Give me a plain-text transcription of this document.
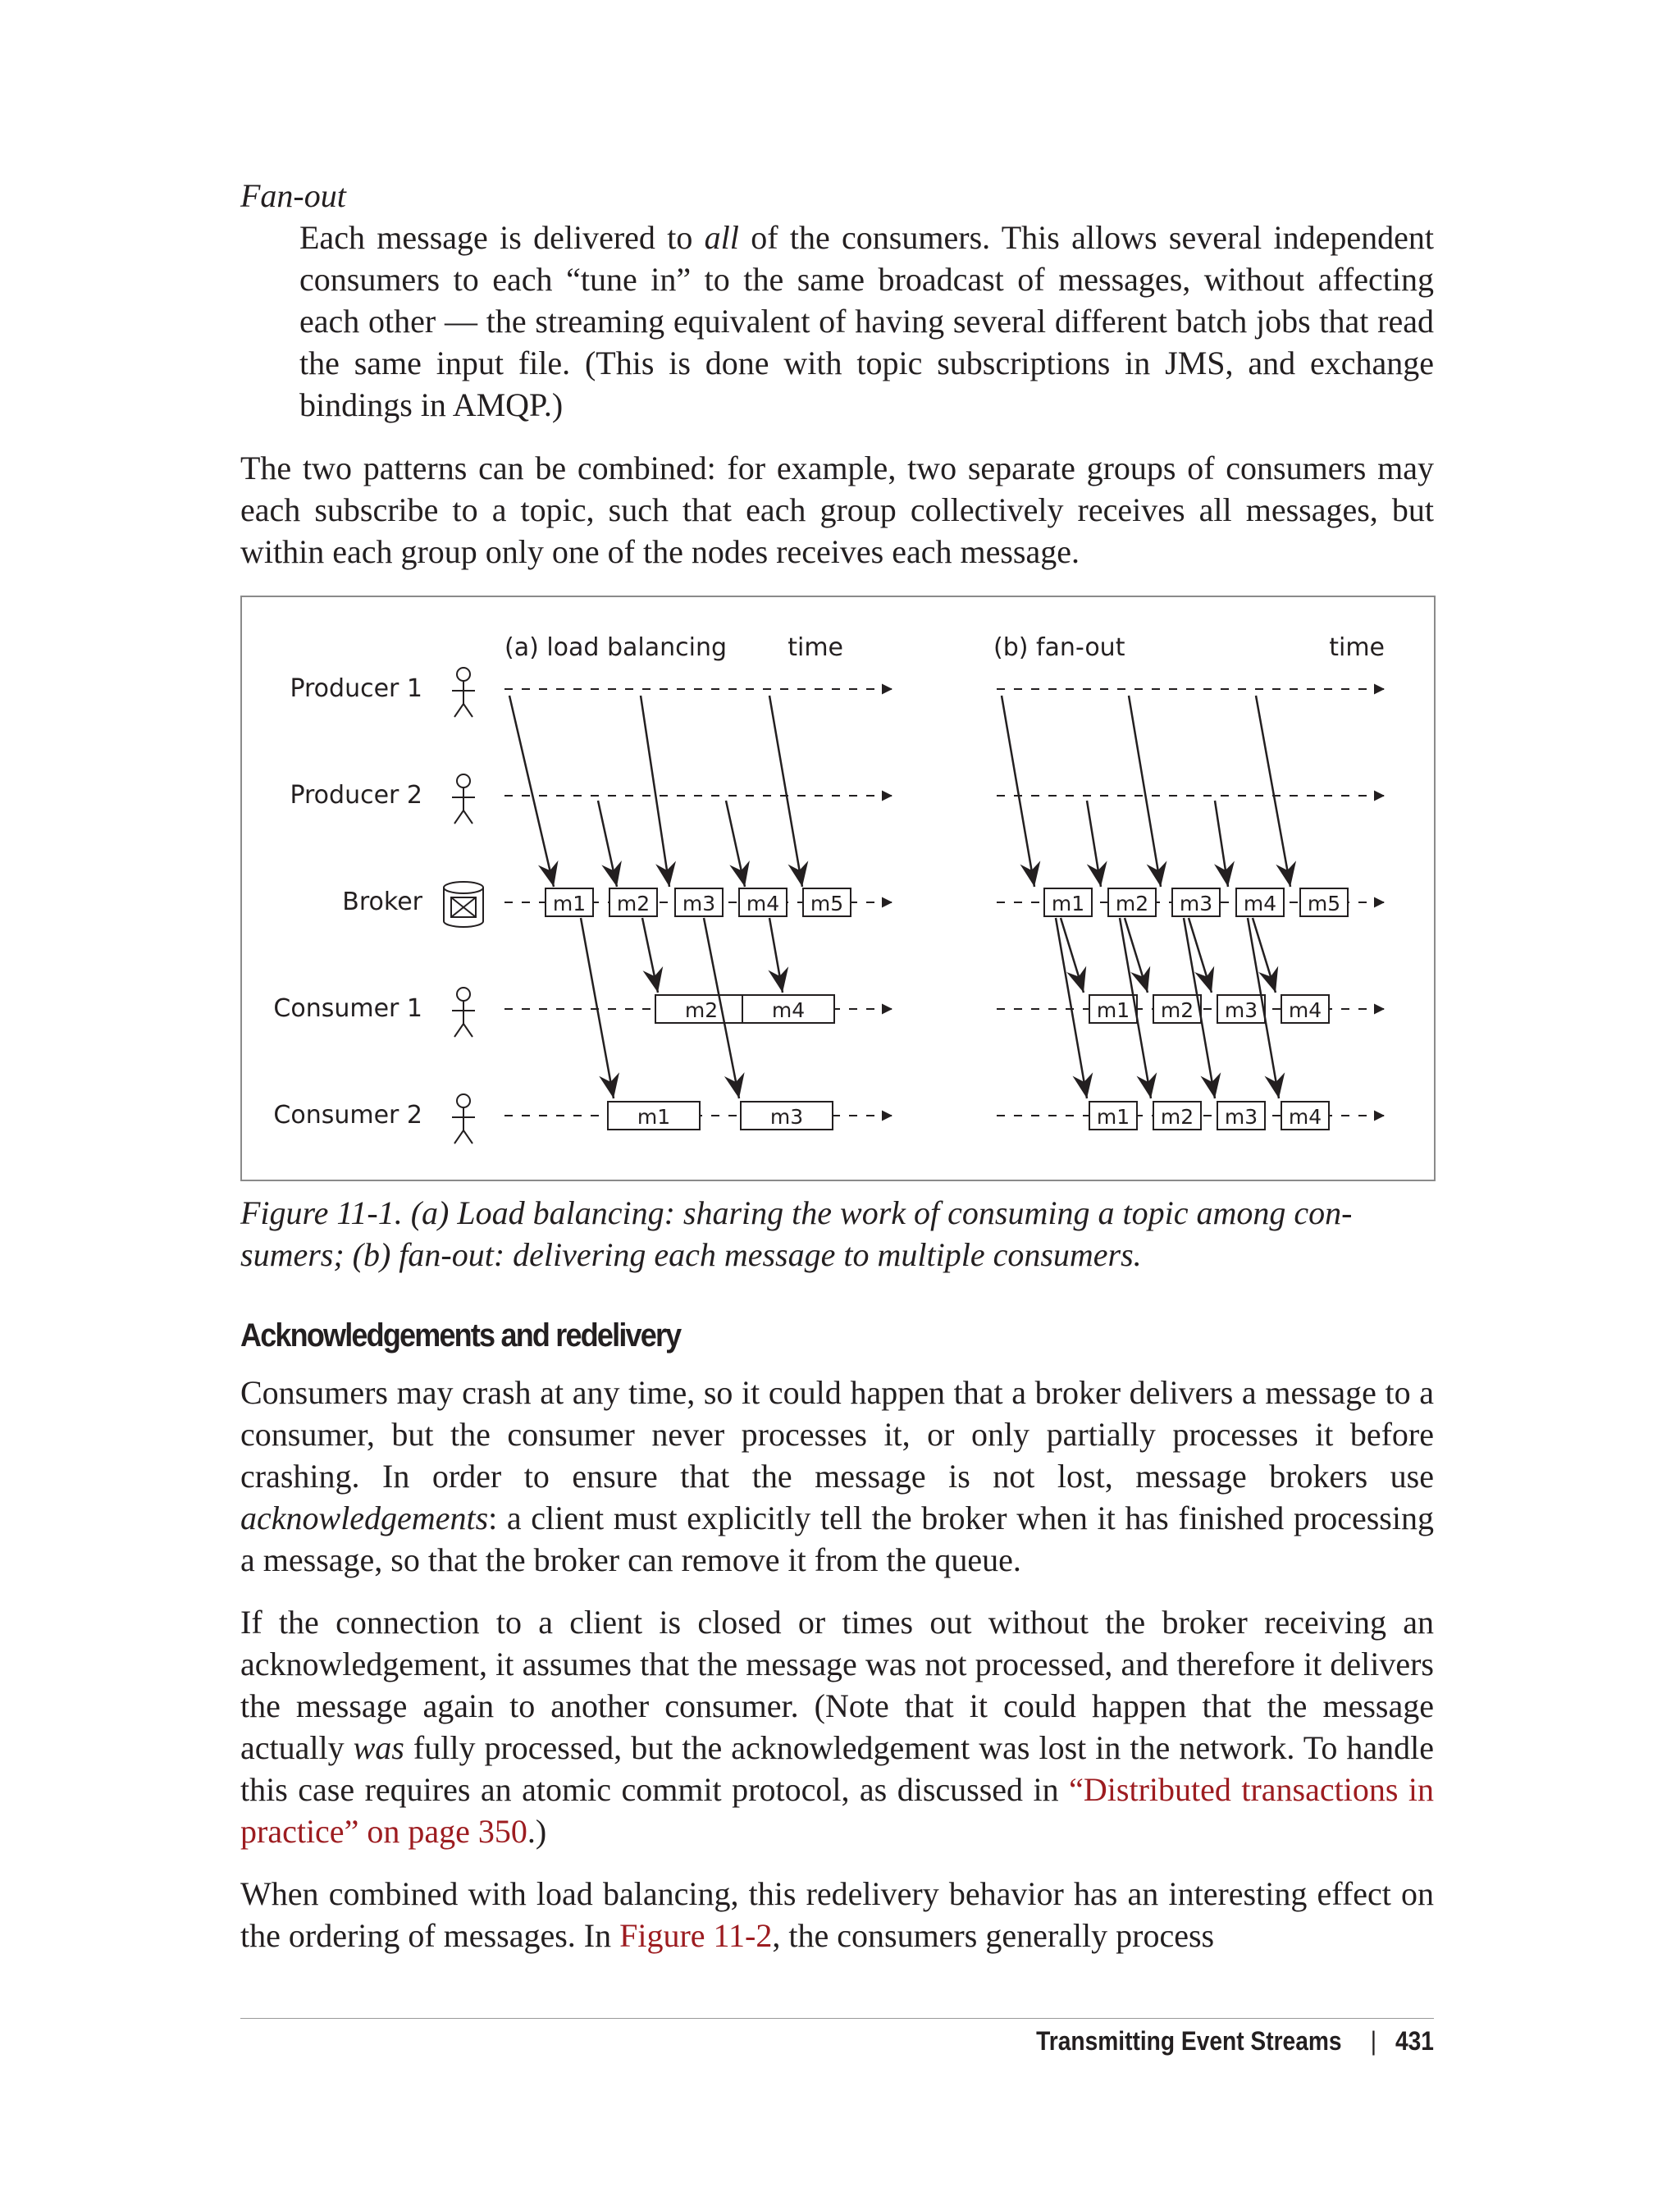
Fan-out

Each message is delivered to all of the consumers. This allows several independent consumers to each “tune in” to the same broadcast of messages, without affecting each other — the streaming equivalent of having several different batch jobs that read the same input file. (This is done with topic subscriptions in JMS, and exchange bindings in AMQP.)

The two patterns can be combined: for example, two separate groups of consumers may each subscribe to a topic, such that each group collectively receives all messages, but within each group only one of the nodes receives each message.

(a) load balancing time	(b) fan-out	time
Producer 1
Producer 2
Broker
Consumer 1
Consumer 2
m1 m2 m3 m4 m5
m2	m4
m1	m3
m1 m2 m3 m4 m5
m1 m2 m3 m4
m1 m2 m3 m4

Figure 11-1. (a) Load balancing: sharing the work of consuming a topic among consumers; (b) fan-out: delivering each message to multiple consumers.

Acknowledgements and redelivery

Consumers may crash at any time, so it could happen that a broker delivers a message to a consumer, but the consumer never processes it, or only partially processes it before crashing. In order to ensure that the message is not lost, message brokers use acknowledgements: a client must explicitly tell the broker when it has finished processing a message, so that the broker can remove it from the queue.

If the connection to a client is closed or times out without the broker receiving an acknowledgement, it assumes that the message was not processed, and therefore it delivers the message again to another consumer. (Note that it could happen that the message actually was fully processed, but the acknowledgement was lost in the network. To handle this case requires an atomic commit protocol, as discussed in “Distributed transactions in practice” on page 350.)

When combined with load balancing, this redelivery behavior has an interesting effect on the ordering of messages. In Figure 11-2, the consumers generally process

Transmitting Event Streams | 431
